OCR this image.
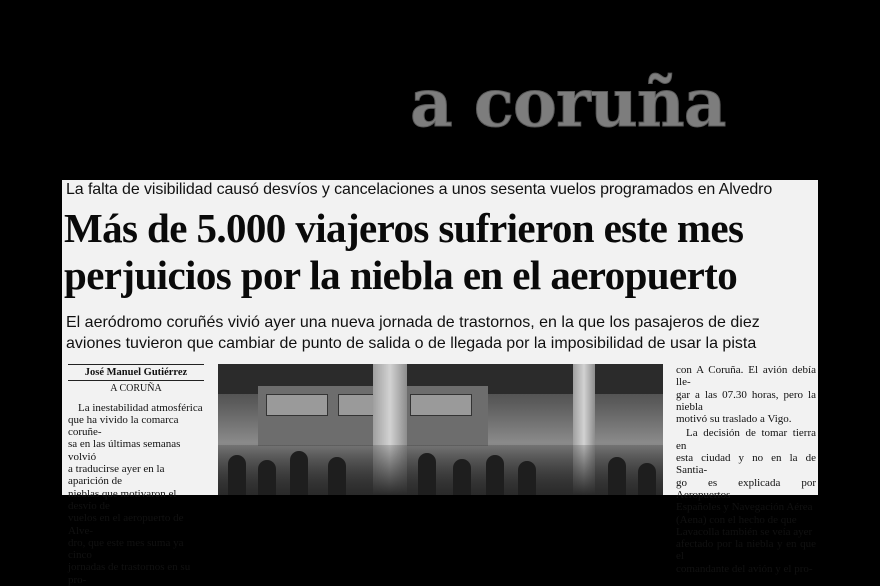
a coruña
La falta de visibilidad causó desvíos y cancelaciones a unos sesenta vuelos programados en Alvedro
Más de 5.000 viajeros sufrieron este mes
perjuicios por la niebla en el aeropuerto
El aeródromo coruñés vivió ayer una nueva jornada de trastornos, en la que los pasajeros de diez
aviones tuvieron que cambiar de punto de salida o de llegada por la imposibilidad de usar la pista
José Manuel Gutiérrez
A CORUÑA
La inestabilidad atmosférica
que ha vivido la comarca coruñe-
sa en las últimas semanas volvió
a traducirse ayer en la aparición de
nieblas que motivaron el desvío de
vuelos en el aeropuerto de Alve-
dro, que este mes suma ya cinco
jornadas de trastornos en su pro-

con A Coruña. El avión debía lle-
gar a las 07.30 horas, pero la niebla
motivó su traslado a Vigo.

La decisión de tomar tierra en
esta ciudad y no en la de Santia-
go es explicada por Aeropuertos
Españoles y Navegación Aérea
(Aena) con el hecho de que
Lavacolla también se veía ayer
afectado por la niebla y en que el
comandante del avión y el pro-
